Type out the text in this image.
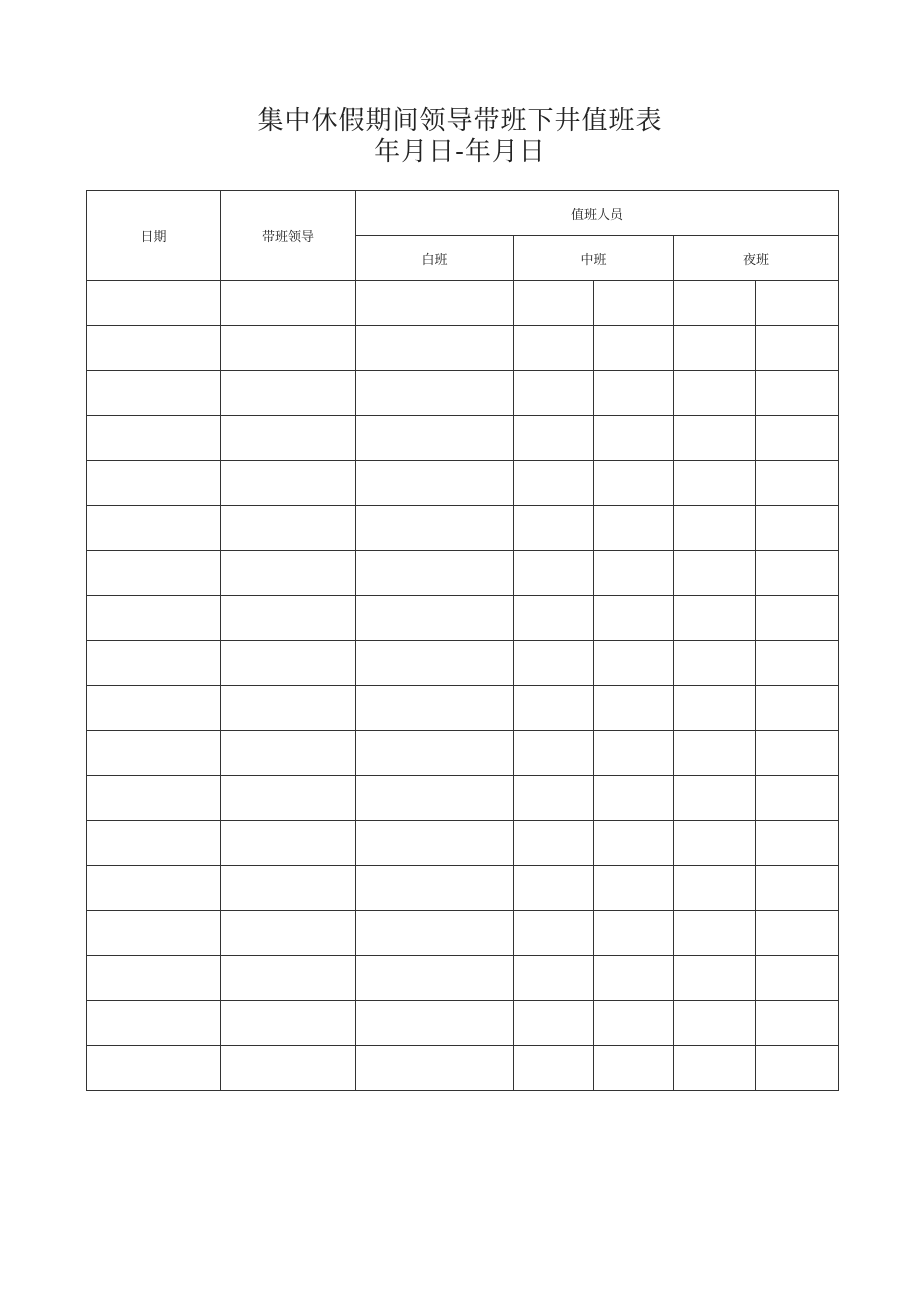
集中休假期间领导带班下井值班表
年月日-年月日
日期	带班领导	值班人员				
		白班	中班		夜班	
